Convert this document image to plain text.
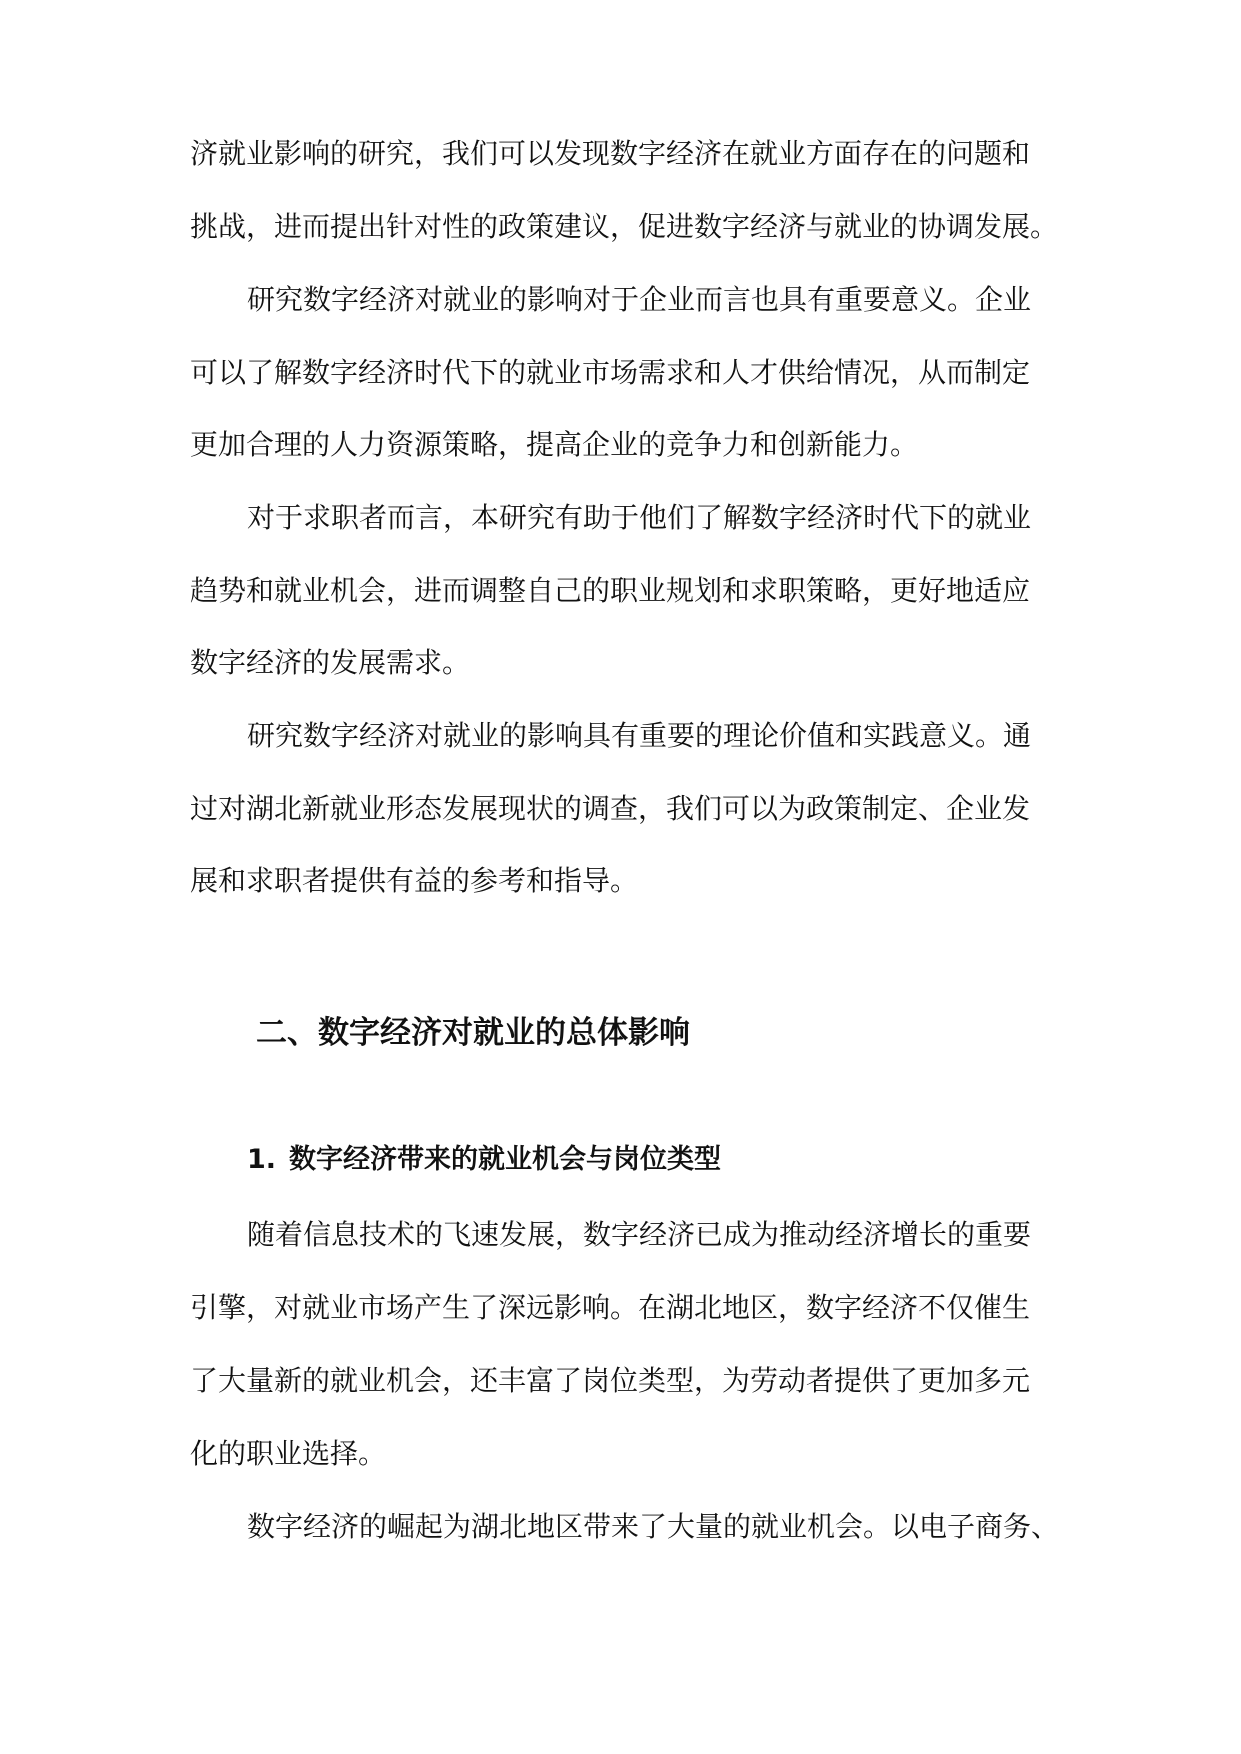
济就业影响的研究，我们可以发现数字经济在就业方面存在的问题和

挑战，进而提出针对性的政策建议，促进数字经济与就业的协调发展。

研究数字经济对就业的影响对于企业而言也具有重要意义。企业

可以了解数字经济时代下的就业市场需求和人才供给情况，从而制定

更加合理的人力资源策略，提高企业的竞争力和创新能力。

对于求职者而言，本研究有助于他们了解数字经济时代下的就业

趋势和就业机会，进而调整自己的职业规划和求职策略，更好地适应

数字经济的发展需求。

研究数字经济对就业的影响具有重要的理论价值和实践意义。通

过对湖北新就业形态发展现状的调查，我们可以为政策制定、企业发

展和求职者提供有益的参考和指导。

二、数字经济对就业的总体影响
1. 数字经济带来的就业机会与岗位类型

随着信息技术的飞速发展，数字经济已成为推动经济增长的重要

引擎，对就业市场产生了深远影响。在湖北地区，数字经济不仅催生

了大量新的就业机会，还丰富了岗位类型，为劳动者提供了更加多元

化的职业选择。

数字经济的崛起为湖北地区带来了大量的就业机会。以电子商务、
